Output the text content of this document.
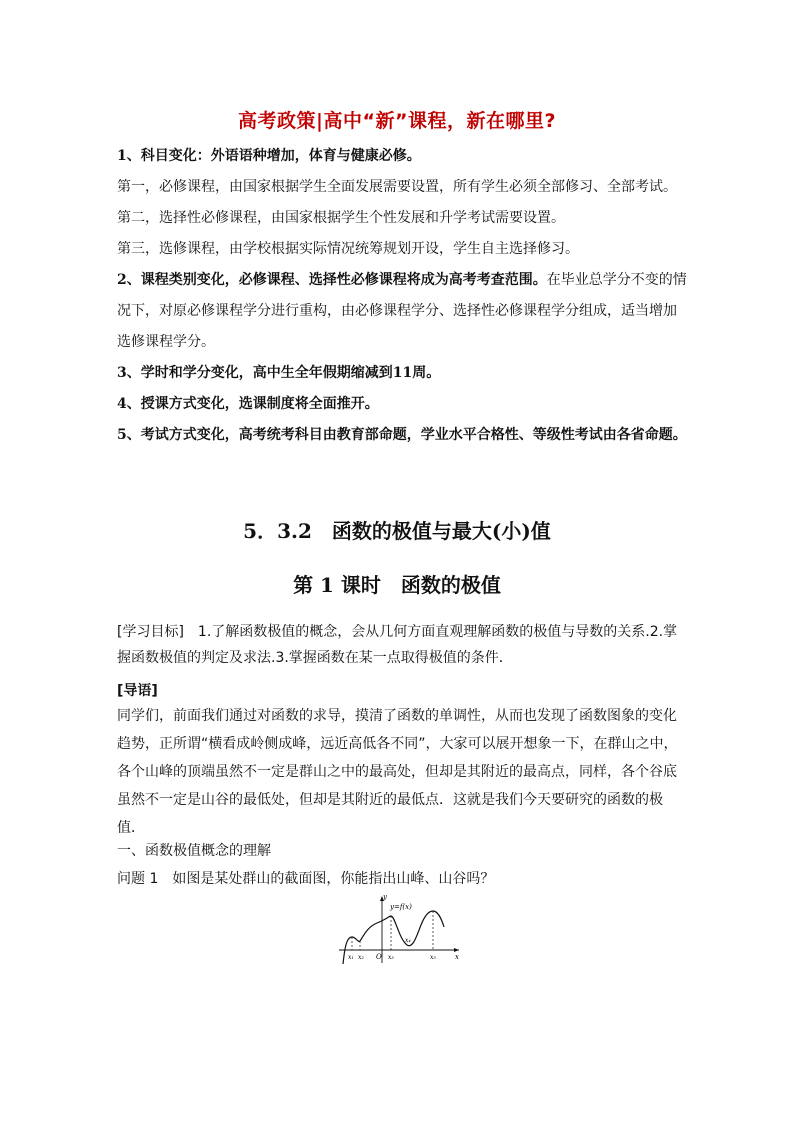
高考政策|高中“新”课程，新在哪里?
1、科目变化：外语语种增加，体育与健康必修。
第一，必修课程，由国家根据学生全面发展需要设置，所有学生必须全部修习、全部考试。
第二，选择性必修课程，由国家根据学生个性发展和升学考试需要设置。
第三，选修课程，由学校根据实际情况统筹规划开设，学生自主选择修习。
2、课程类别变化，必修课程、选择性必修课程将成为高考考查范围。在毕业总学分不变的情况下，对原必修课程学分进行重构，由必修课程学分、选择性必修课程学分组成，适当增加选修课程学分。
3、学时和学分变化，高中生全年假期缩减到11周。
4、授课方式变化，选课制度将全面推开。
5、考试方式变化，高考统考科目由教育部命题，学业水平合格性、等级性考试由各省命题。
5．3.2　函数的极值与最大(小)值
第 1 课时　函数的极值
[学习目标]　1.了解函数极值的概念，会从几何方面直观理解函数的极值与导数的关系.2.掌握函数极值的判定及求法.3.掌握函数在某一点取得极值的条件．
[导语]
同学们，前面我们通过对函数的求导，摸清了函数的单调性，从而也发现了函数图象的变化趋势，正所谓“横看成岭侧成峰，远近高低各不同”，大家可以展开想象一下，在群山之中，各个山峰的顶端虽然不一定是群山之中的最高处，但却是其附近的最高点，同样，各个谷底虽然不一定是山谷的最低处，但却是其附近的最低点．这就是我们今天要研究的函数的极值．
一、函数极值概念的理解
问题 1　如图是某处群山的截面图，你能指出山峰、山谷吗？
y
x
y=f(x)
O
x₁ x₂	x₃
x₄
x₅
